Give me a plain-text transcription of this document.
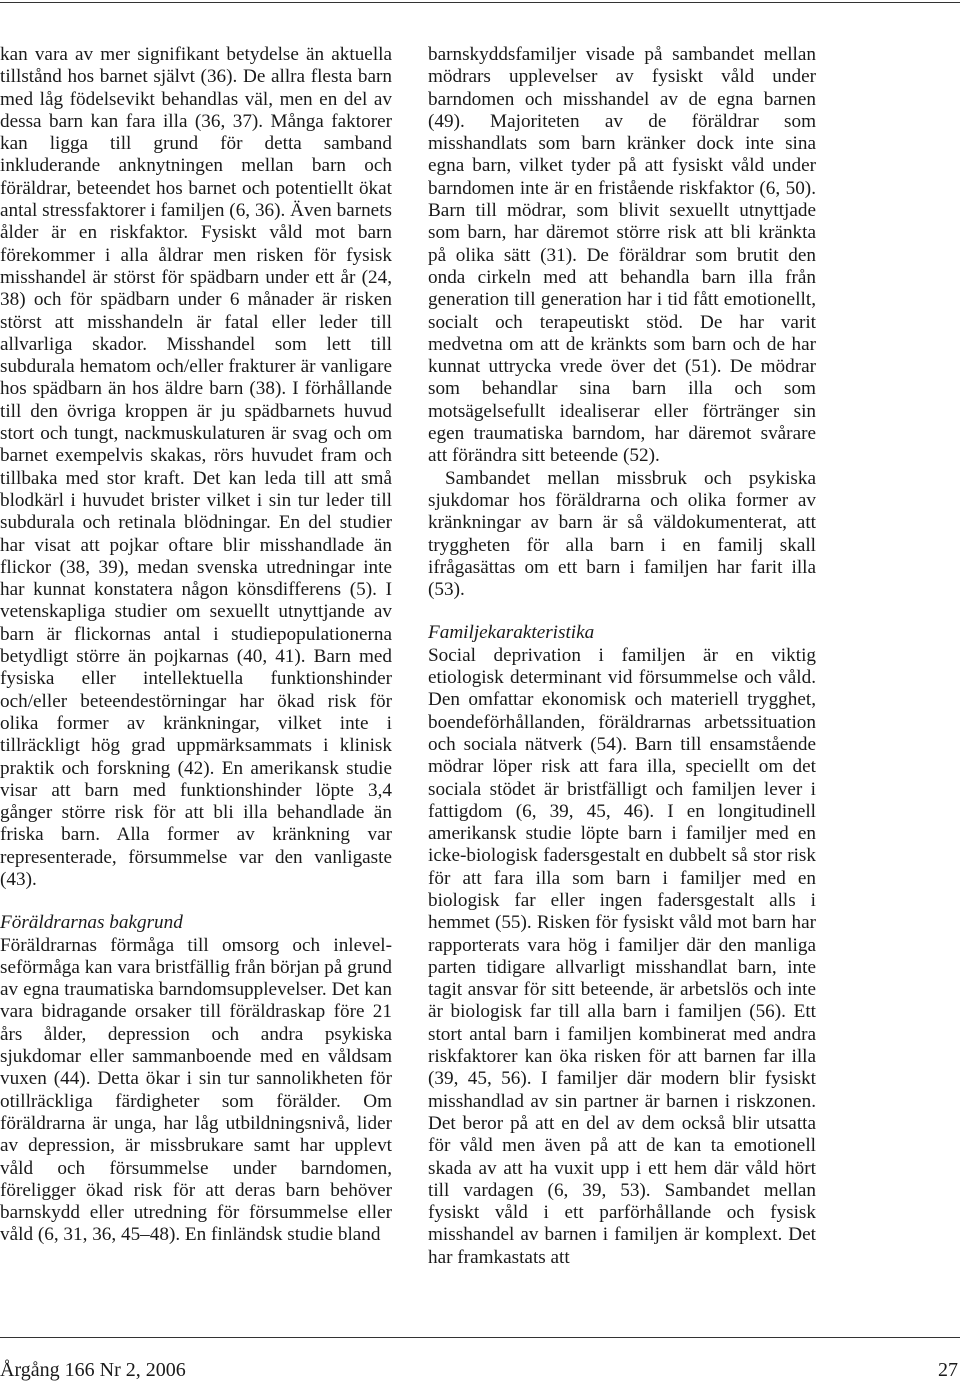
kan vara av mer signifikant betydelse än aktuella tillstånd hos barnet självt (36). De allra flesta barn med låg födelsevikt behandlas väl, men en del av dessa barn kan fara illa (36, 37). Många faktorer kan ligga till grund för detta samband inkluderande anknytningen mellan barn och föräldrar, beteendet hos barnet och potentiellt ökat antal stressfaktorer i familjen (6, 36). Även barnets ålder är en riskfaktor. Fysiskt våld mot barn förekommer i alla åldrar men risken för fysisk misshandel är störst för spädbarn under ett år (24, 38) och för spädbarn under 6 månader är risken störst att misshandeln är fatal eller leder till allvarliga skador. Misshandel som lett till subdurala hematom och/eller frakturer är vanligare hos spädbarn än hos äldre barn (38). I förhållande till den övriga kroppen är ju spädbarnets huvud stort och tungt, nackmuskulaturen är svag och om barnet exempelvis skakas, rörs huvudet fram och tillbaka med stor kraft. Det kan leda till att små blodkärl i huvudet brister vilket i sin tur leder till subdurala och retinala blödningar. En del studier har visat att pojkar oftare blir misshandlade än flickor (38, 39), medan svenska utredningar inte har kunnat konstatera någon könsdifferens (5). I vetenskapliga studier om sexuellt utnyttjande av barn är flickornas antal i studiepopulationerna betydligt större än pojkarnas (40, 41). Barn med fysiska eller intellektuella funktionshinder och/eller beteendestörningar har ökad risk för olika former av kränkningar, vilket inte i tillräckligt hög grad uppmärksammats i klinisk praktik och forskning (42). En amerikansk studie visar att barn med funktionshinder löpte 3,4 gånger större risk för att bli illa behandlade än friska barn. Alla former av kränkning var representerade, försummelse var den vanligaste (43).

Föräldrarnas bakgrund

Föräldrarnas förmåga till omsorg och inlevelseförmåga kan vara bristfällig från början på grund av egna traumatiska barndomsupplevelser. Det kan vara bidragande orsaker till föräldraskap före 21 års ålder, depression och andra psykiska sjukdomar eller sammanboende med en våldsam vuxen (44). Detta ökar i sin tur sannolikheten för otillräckliga färdigheter som förälder. Om föräldrarna är unga, har låg utbildningsnivå, lider av depression, är missbrukare samt har upplevt våld och försummelse under barndomen, föreligger ökad risk för att deras barn behöver barnskydd eller utredning för försummelse eller våld (6, 31, 36, 45–48). En finländsk studie bland

barnskyddsfamiljer visade på sambandet mellan mödrars upplevelser av fysiskt våld under barndomen och misshandel av de egna barnen (49). Majoriteten av de föräldrar som misshandlats som barn kränker dock inte sina egna barn, vilket tyder på att fysiskt våld under barndomen inte är en fristående riskfaktor (6, 50). Barn till mödrar, som blivit sexuellt utnyttjade som barn, har däremot större risk att bli kränkta på olika sätt (31). De föräldrar som brutit den onda cirkeln med att behandla barn illa från generation till generation har i tid fått emotionellt, socialt och terapeutiskt stöd. De har varit medvetna om att de kränkts som barn och de har kunnat uttrycka vrede över det (51). De mödrar som behandlar sina barn illa och som motsägelsefullt idealiserar eller förtränger sin egen traumatiska barndom, har däremot svårare att förändra sitt beteende (52).

Sambandet mellan missbruk och psykiska sjukdomar hos föräldrarna och olika former av kränkningar av barn är så väldokumenterat, att tryggheten för alla barn i en familj skall ifrågasättas om ett barn i familjen har farit illa (53).

Familjekarakteristika

Social deprivation i familjen är en viktig etiologisk determinant vid försummelse och våld. Den omfattar ekonomisk och materiell trygghet, boendeförhållanden, föräldrarnas arbetssituation och sociala nätverk (54). Barn till ensamstående mödrar löper risk att fara illa, speciellt om det sociala stödet är bristfälligt och familjen lever i fattigdom (6, 39, 45, 46). I en longitudinell amerikansk studie löpte barn i familjer med en icke-biologisk fadersgestalt en dubbelt så stor risk för att fara illa som barn i familjer med en biologisk far eller ingen fadersgestalt alls i hemmet (55). Risken för fysiskt våld mot barn har rapporterats vara hög i familjer där den manliga parten tidigare allvarligt misshandlat barn, inte tagit ansvar för sitt beteende, är arbetslös och inte är biologisk far till alla barn i familjen (56). Ett stort antal barn i familjen kombinerat med andra riskfaktorer kan öka risken för att barnen far illa (39, 45, 56). I familjer där modern blir fysiskt misshandlad av sin partner är barnen i riskzonen. Det beror på att en del av dem också blir utsatta för våld men även på att de kan ta emotionell skada av att ha vuxit upp i ett hem där våld hört till vardagen (6, 39, 53). Sambandet mellan fysiskt våld i ett parförhållande och fysisk misshandel av barnen i familjen är komplext. Det har framkastats att

Årgång 166 Nr 2, 2006	27
